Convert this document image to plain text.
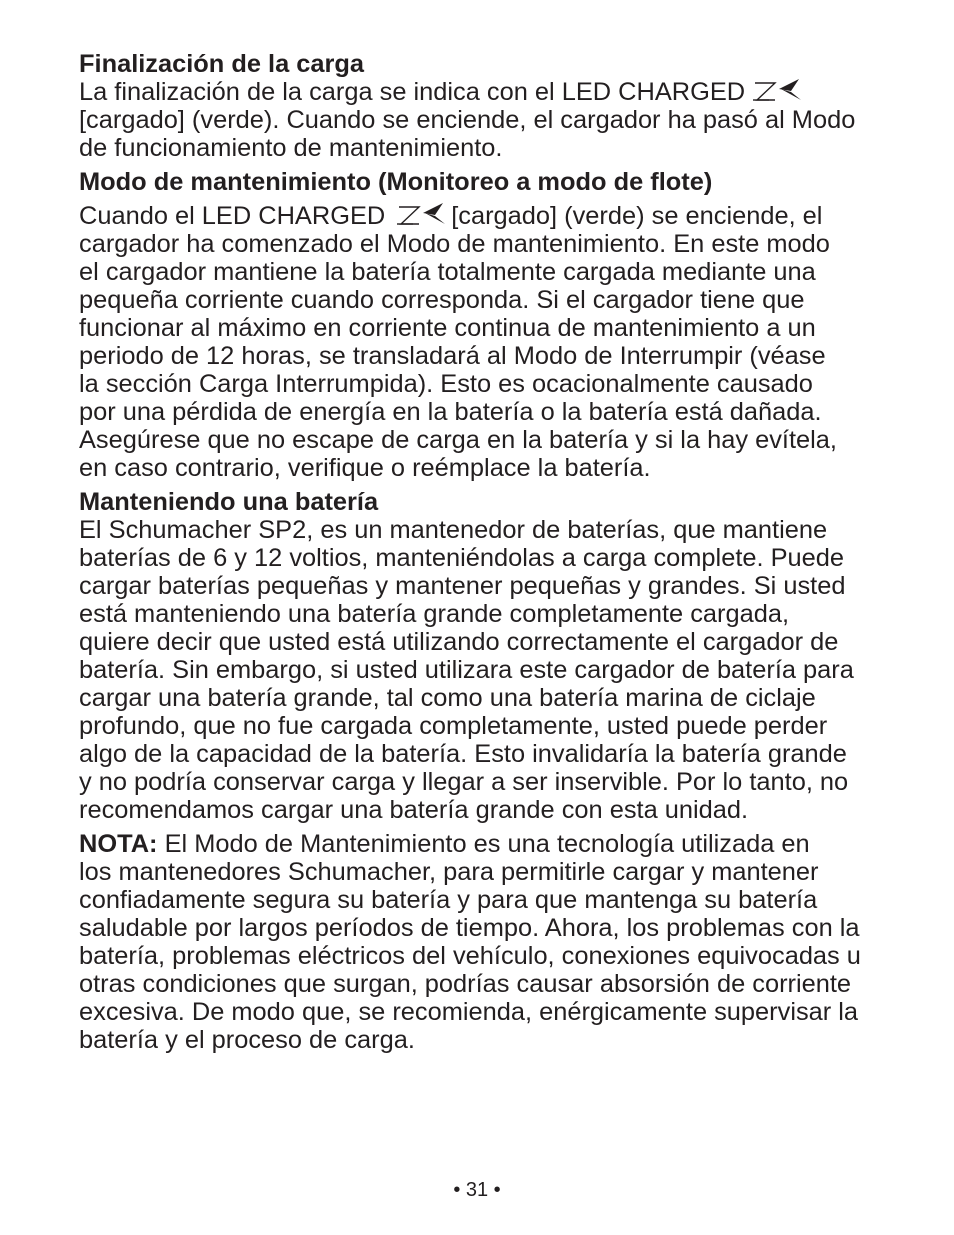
Finalización de la carga
La finalización de la carga se indica con el LED CHARGED
[cargado] (verde). Cuando se enciende, el cargador ha pasó al Modo
de funcionamiento de mantenimiento.
Modo de mantenimiento (Monitoreo a modo de flote)
Cuando el LED CHARGED	[cargado] (verde) se enciende, el
cargador ha comenzado el Modo de mantenimiento. En este modo
el cargador mantiene la batería totalmente cargada mediante una
pequeña corriente cuando corresponda. Si el cargador tiene que
funcionar al máximo en corriente continua de mantenimiento a un
periodo de 12 horas, se transladará al Modo de Interrumpir (véase
la sección Carga Interrumpida). Esto es ocacionalmente causado
por una pérdida de energía en la batería o la batería está dañada.
Asegúrese que no escape de carga en la batería y si la hay evítela,
en caso contrario, verifique o reémplace la batería.
Manteniendo una batería
El Schumacher SP2, es un mantenedor de baterías, que mantiene
baterías de 6 y 12 voltios, manteniéndolas a carga complete. Puede
cargar baterías pequeñas y mantener pequeñas y grandes. Si usted
está manteniendo una batería grande completamente cargada,
quiere decir que usted está utilizando correctamente el cargador de
batería. Sin embargo, si usted utilizara este cargador de batería para
cargar una batería grande, tal como una batería marina de ciclaje
profundo, que no fue cargada completamente, usted puede perder
algo de la capacidad de la batería. Esto invalidaría la batería grande
y no podría conservar carga y llegar a ser inservible. Por lo tanto, no
recomendamos cargar una batería grande con esta unidad.
NOTA: El Modo de Mantenimiento es una tecnología utilizada en
los mantenedores Schumacher, para permitirle cargar y mantener
confiadamente segura su batería y para que mantenga su batería
saludable por largos períodos de tiempo. Ahora, los problemas con la
batería, problemas eléctricos del vehículo, conexiones equivocadas u
otras condiciones que surgan, podrías causar absorsión de corriente
excesiva. De modo que, se recomienda, enérgicamente supervisar la
batería y el proceso de carga.
• 31 •
